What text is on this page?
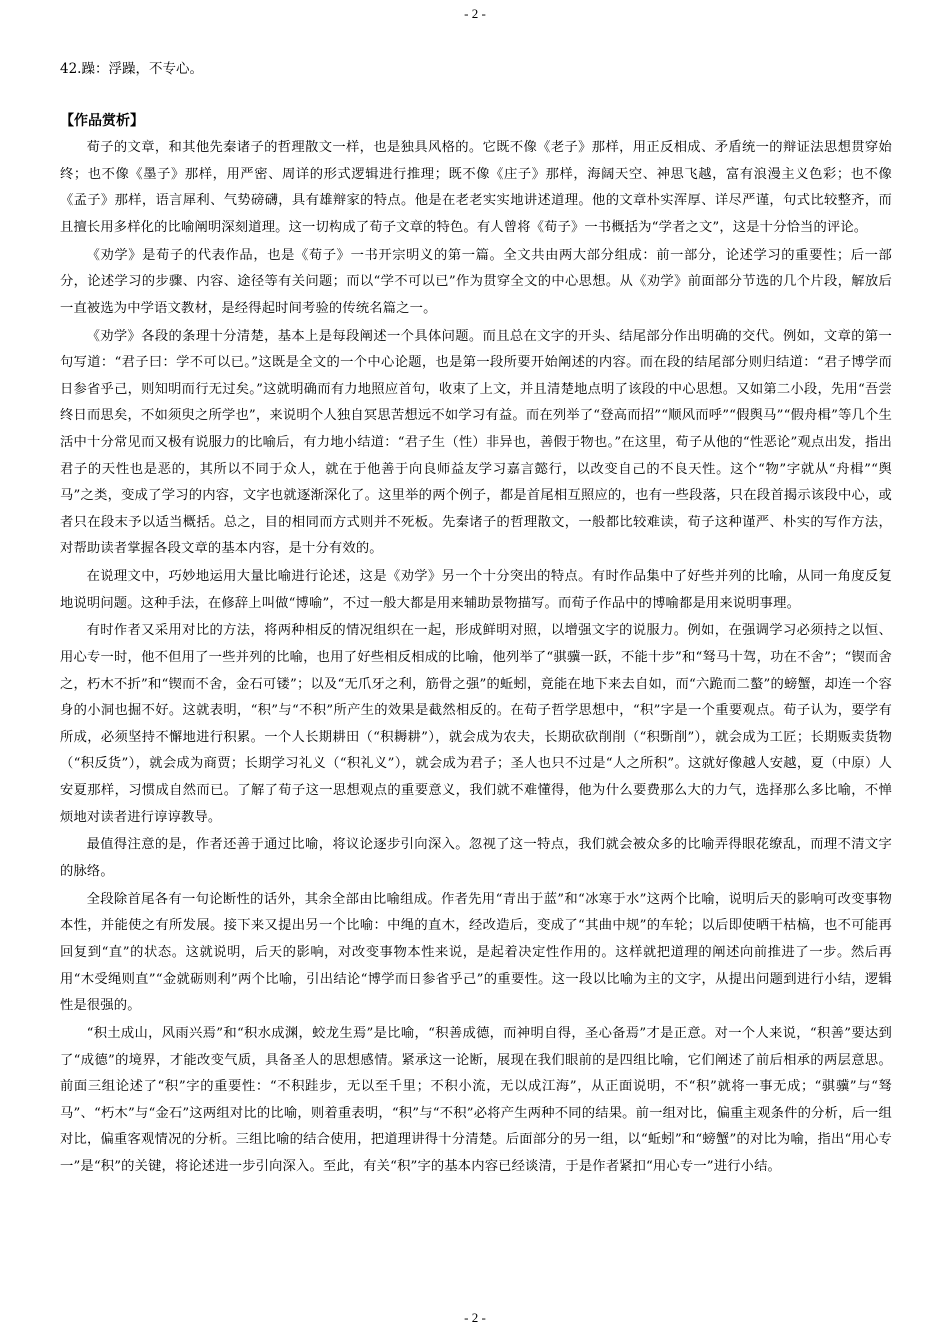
- 2 -

42.躁：浮躁，不专心。

【作品赏析】

荀子的文章，和其他先秦诸子的哲理散文一样，也是独具风格的。它既不像《老子》那样，用正反相成、矛盾统一的辩证法思想贯穿始终；也不像《墨子》那样，用严密、周详的形式逻辑进行推理；既不像《庄子》那样，海阔天空、神思飞越，富有浪漫主义色彩；也不像《孟子》那样，语言犀利、气势磅礴，具有雄辩家的特点。他是在老老实实地讲述道理。他的文章朴实浑厚、详尽严谨，句式比较整齐，而且擅长用多样化的比喻阐明深刻道理。这一切构成了荀子文章的特色。有人曾将《荀子》一书概括为“学者之文”，这是十分恰当的评论。

《劝学》是荀子的代表作品，也是《荀子》一书开宗明义的第一篇。全文共由两大部分组成：前一部分，论述学习的重要性；后一部分，论述学习的步骤、内容、途径等有关问题；而以“学不可以已”作为贯穿全文的中心思想。从《劝学》前面部分节选的几个片段，解放后一直被选为中学语文教材，是经得起时间考验的传统名篇之一。

《劝学》各段的条理十分清楚，基本上是每段阐述一个具体问题。而且总在文字的开头、结尾部分作出明确的交代。例如，文章的第一句写道：“君子曰：学不可以已。”这既是全文的一个中心论题，也是第一段所要开始阐述的内容。而在段的结尾部分则归结道：“君子博学而日参省乎己，则知明而行无过矣。”这就明确而有力地照应首句，收束了上文，并且清楚地点明了该段的中心思想。又如第二小段，先用“吾尝终日而思矣，不如须臾之所学也”，来说明个人独自冥思苦想远不如学习有益。而在列举了“登高而招”“顺风而呼”“假舆马”“假舟楫”等几个生活中十分常见而又极有说服力的比喻后，有力地小结道：“君子生（性）非异也，善假于物也。”在这里，荀子从他的“性恶论”观点出发，指出君子的天性也是恶的，其所以不同于众人，就在于他善于向良师益友学习嘉言懿行，以改变自己的不良天性。这个“物”字就从“舟楫”“舆马”之类，变成了学习的内容，文字也就逐渐深化了。这里举的两个例子，都是首尾相互照应的，也有一些段落，只在段首揭示该段中心，或者只在段末予以适当概括。总之，目的相同而方式则并不死板。先秦诸子的哲理散文，一般都比较难读，荀子这种谨严、朴实的写作方法，对帮助读者掌握各段文章的基本内容，是十分有效的。

在说理文中，巧妙地运用大量比喻进行论述，这是《劝学》另一个十分突出的特点。有时作品集中了好些并列的比喻，从同一角度反复地说明问题。这种手法，在修辞上叫做“博喻”，不过一般大都是用来辅助景物描写。而荀子作品中的博喻都是用来说明事理。

有时作者又采用对比的方法，将两种相反的情况组织在一起，形成鲜明对照，以增强文字的说服力。例如，在强调学习必须持之以恒、用心专一时，他不但用了一些并列的比喻，也用了好些相反相成的比喻，他列举了“骐骥一跃，不能十步”和“驽马十驾，功在不舍”；“锲而舍之，朽木不折”和“锲而不舍，金石可镂”；以及“无爪牙之利，筋骨之强”的蚯蚓，竟能在地下来去自如，而“六跪而二螯”的螃蟹，却连一个容身的小洞也掘不好。这就表明，“积”与“不积”所产生的效果是截然相反的。在荀子哲学思想中，“积”字是一个重要观点。荀子认为，要学有所成，必须坚持不懈地进行积累。一个人长期耕田（“积耨耕”），就会成为农夫，长期砍砍削削（“积斲削”），就会成为工匠；长期贩卖货物（“积反货”），就会成为商贾；长期学习礼义（“积礼义”），就会成为君子；圣人也只不过是“人之所积”。这就好像越人安越，夏（中原）人安夏那样，习惯成自然而已。了解了荀子这一思想观点的重要意义，我们就不难懂得，他为什么要费那么大的力气，选择那么多比喻，不惮烦地对读者进行谆谆教导。

最值得注意的是，作者还善于通过比喻，将议论逐步引向深入。忽视了这一特点，我们就会被众多的比喻弄得眼花缭乱，而理不清文字的脉络。

全段除首尾各有一句论断性的话外，其余全部由比喻组成。作者先用“青出于蓝”和“冰寒于水”这两个比喻，说明后天的影响可改变事物本性，并能使之有所发展。接下来又提出另一个比喻：中绳的直木，经改造后，变成了“其曲中规”的车轮；以后即使晒干枯槁，也不可能再回复到“直”的状态。这就说明，后天的影响，对改变事物本性来说，是起着决定性作用的。这样就把道理的阐述向前推进了一步。然后再用“木受绳则直”“金就砺则利”两个比喻，引出结论“博学而日参省乎己”的重要性。这一段以比喻为主的文字，从提出问题到进行小结，逻辑性是很强的。

“积土成山，风雨兴焉”和“积水成渊，蛟龙生焉”是比喻，“积善成德，而神明自得，圣心备焉”才是正意。对一个人来说，“积善”要达到了“成德”的境界，才能改变气质，具备圣人的思想感情。紧承这一论断，展现在我们眼前的是四组比喻，它们阐述了前后相承的两层意思。前面三组论述了“积”字的重要性：“不积跬步，无以至千里；不积小流，无以成江海”，从正面说明，不“积”就将一事无成；“骐骥”与“驽马”、“朽木”与“金石”这两组对比的比喻，则着重表明，“积”与“不积”必将产生两种不同的结果。前一组对比，偏重主观条件的分析，后一组对比，偏重客观情况的分析。三组比喻的结合使用，把道理讲得十分清楚。后面部分的另一组，以“蚯蚓”和“螃蟹”的对比为喻，指出“用心专一”是“积”的关键，将论述进一步引向深入。至此，有关“积”字的基本内容已经谈清，于是作者紧扣“用心专一”进行小结。

- 2 -
